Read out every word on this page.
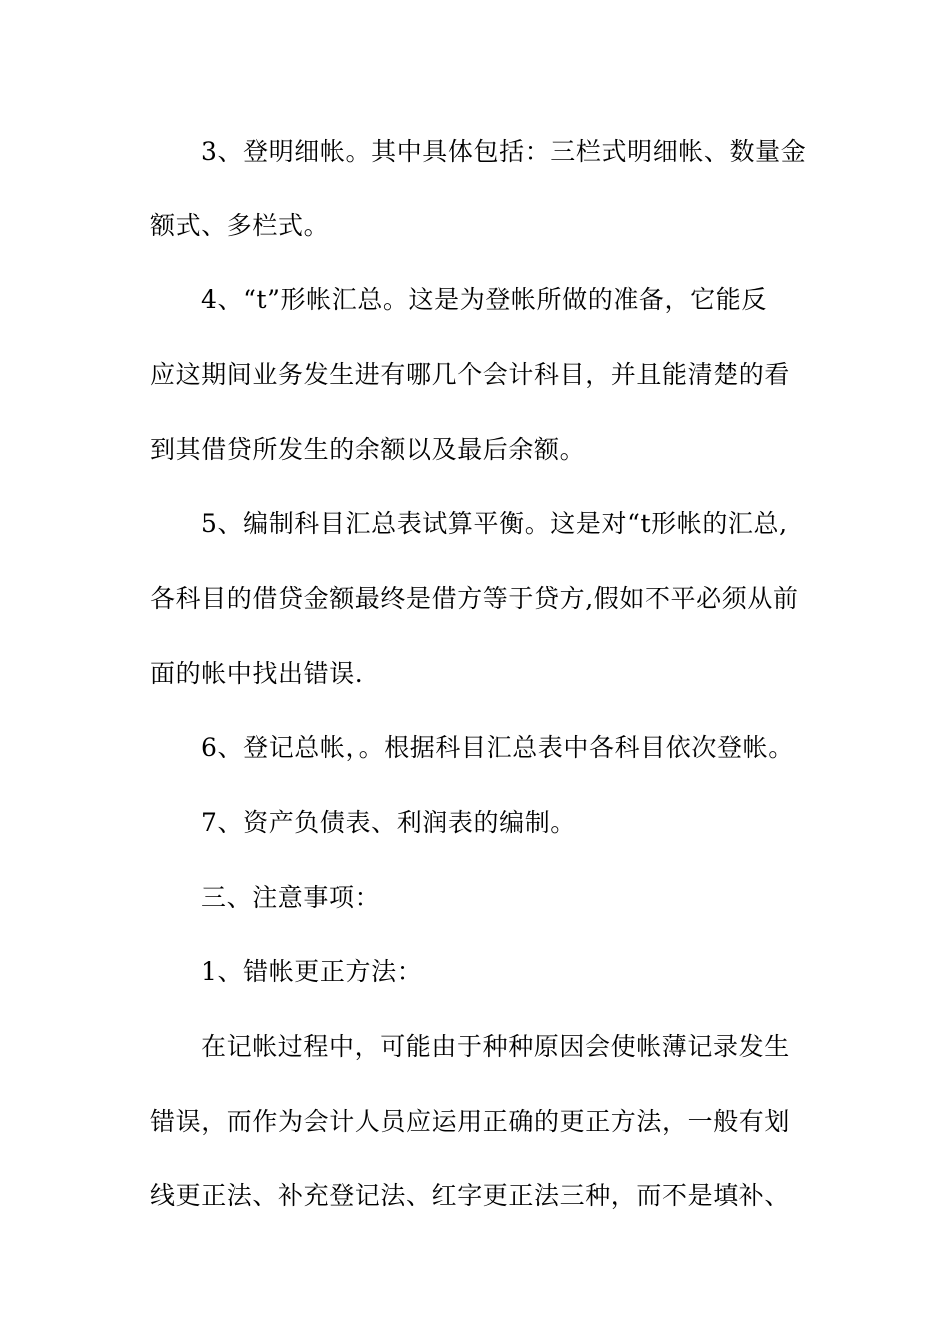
3、登明细帐。其中具体包括：三栏式明细帐、数量金
额式、多栏式。
4、“t”形帐汇总。这是为登帐所做的准备，它能反
应这期间业务发生进有哪几个会计科目，并且能清楚的看
到其借贷所发生的余额以及最后余额。
5、编制科目汇总表试算平衡。这是对“t形帐的汇总,
各科目的借贷金额最终是借方等于贷方,假如不平必须从前
面的帐中找出错误.
6、登记总帐，。根据科目汇总表中各科目依次登帐。
7、资产负债表、利润表的编制。
三、注意事项：
1、错帐更正方法：
在记帐过程中，可能由于种种原因会使帐薄记录发生
错误，而作为会计人员应运用正确的更正方法，一般有划
线更正法、补充登记法、红字更正法三种，而不是填补、
